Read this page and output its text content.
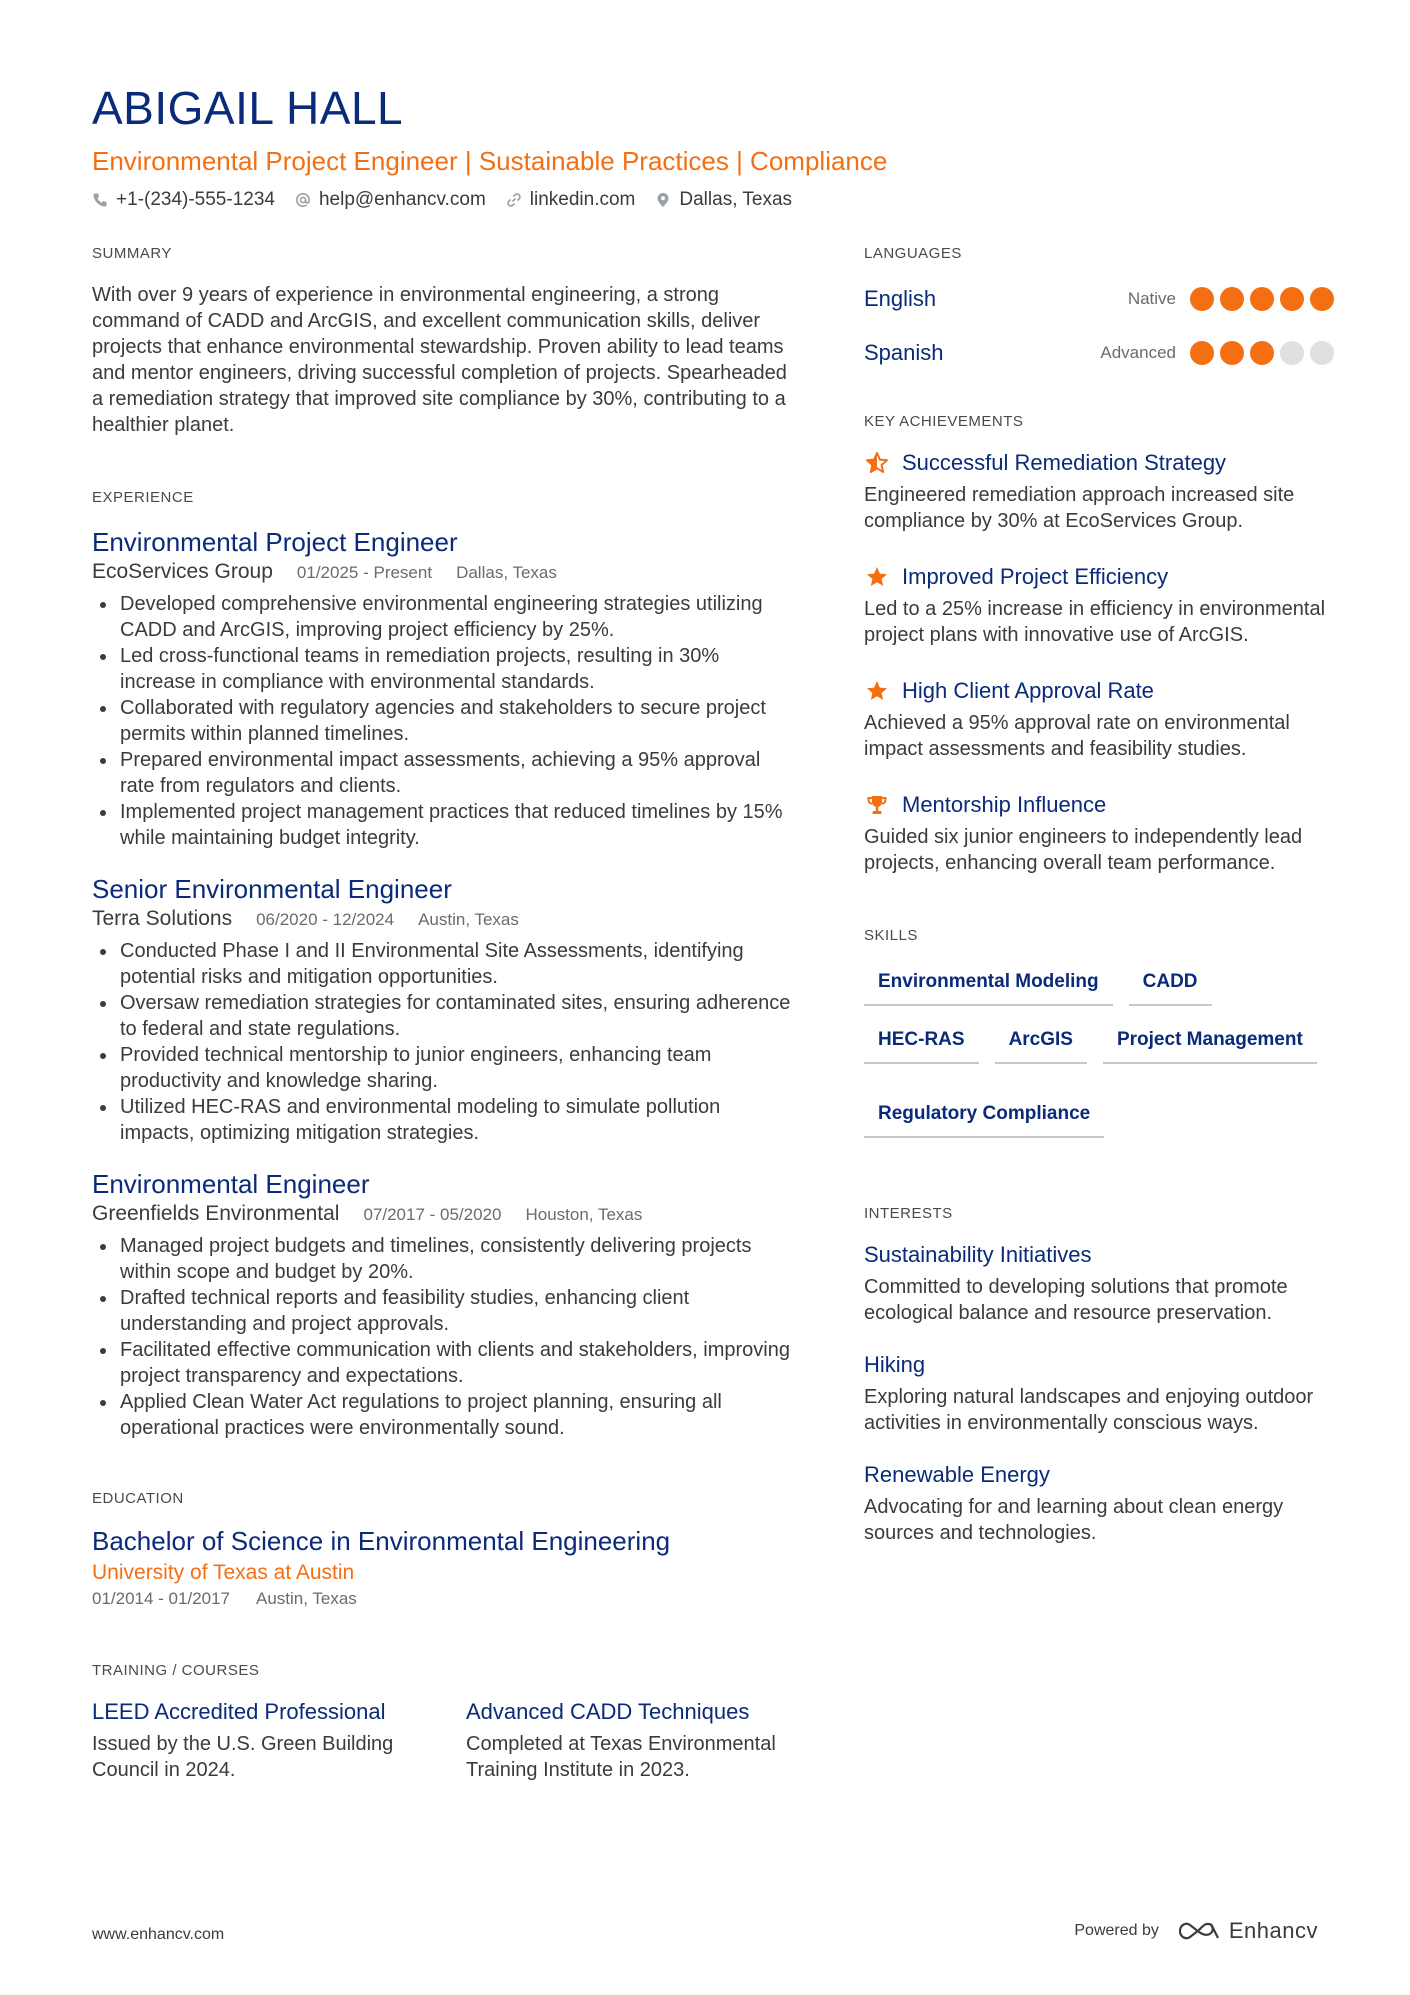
ABIGAIL HALL
Environmental Project Engineer | Sustainable Practices | Compliance
+1-(234)-555-1234 help@enhancv.com linkedin.com Dallas, Texas
SUMMARY
With over 9 years of experience in environmental engineering, a strong command of CADD and ArcGIS, and excellent communication skills, deliver projects that enhance environmental stewardship. Proven ability to lead teams and mentor engineers, driving successful completion of projects. Spearheaded a remediation strategy that improved site compliance by 30%, contributing to a healthier planet.
EXPERIENCE
Environmental Project Engineer
EcoServices Group 01/2025 - Present Dallas, Texas
Developed comprehensive environmental engineering strategies utilizing CADD and ArcGIS, improving project efficiency by 25%.
Led cross-functional teams in remediation projects, resulting in 30% increase in compliance with environmental standards.
Collaborated with regulatory agencies and stakeholders to secure project permits within planned timelines.
Prepared environmental impact assessments, achieving a 95% approval rate from regulators and clients.
Implemented project management practices that reduced timelines by 15% while maintaining budget integrity.
Senior Environmental Engineer
Terra Solutions 06/2020 - 12/2024 Austin, Texas
Conducted Phase I and II Environmental Site Assessments, identifying potential risks and mitigation opportunities.
Oversaw remediation strategies for contaminated sites, ensuring adherence to federal and state regulations.
Provided technical mentorship to junior engineers, enhancing team productivity and knowledge sharing.
Utilized HEC-RAS and environmental modeling to simulate pollution impacts, optimizing mitigation strategies.
Environmental Engineer
Greenfields Environmental 07/2017 - 05/2020 Houston, Texas
Managed project budgets and timelines, consistently delivering projects within scope and budget by 20%.
Drafted technical reports and feasibility studies, enhancing client understanding and project approvals.
Facilitated effective communication with clients and stakeholders, improving project transparency and expectations.
Applied Clean Water Act regulations to project planning, ensuring all operational practices were environmentally sound.
EDUCATION
Bachelor of Science in Environmental Engineering
University of Texas at Austin
01/2014 - 01/2017 Austin, Texas
TRAINING / COURSES
LEED Accredited Professional
Issued by the U.S. Green Building Council in 2024.
Advanced CADD Techniques
Completed at Texas Environmental Training Institute in 2023.
LANGUAGES
English	Native
Spanish	Advanced
KEY ACHIEVEMENTS
Successful Remediation Strategy
Engineered remediation approach increased site compliance by 30% at EcoServices Group.
Improved Project Efficiency
Led to a 25% increase in efficiency in environmental project plans with innovative use of ArcGIS.
High Client Approval Rate
Achieved a 95% approval rate on environmental impact assessments and feasibility studies.
Mentorship Influence
Guided six junior engineers to independently lead projects, enhancing overall team performance.
SKILLS
Environmental Modeling	CADD
HEC-RAS	ArcGIS	Project Management
Regulatory Compliance
INTERESTS
Sustainability Initiatives
Committed to developing solutions that promote ecological balance and resource preservation.
Hiking
Exploring natural landscapes and enjoying outdoor activities in environmentally conscious ways.
Renewable Energy
Advocating for and learning about clean energy sources and technologies.
www.enhancv.com	Powered by	Enhancv
